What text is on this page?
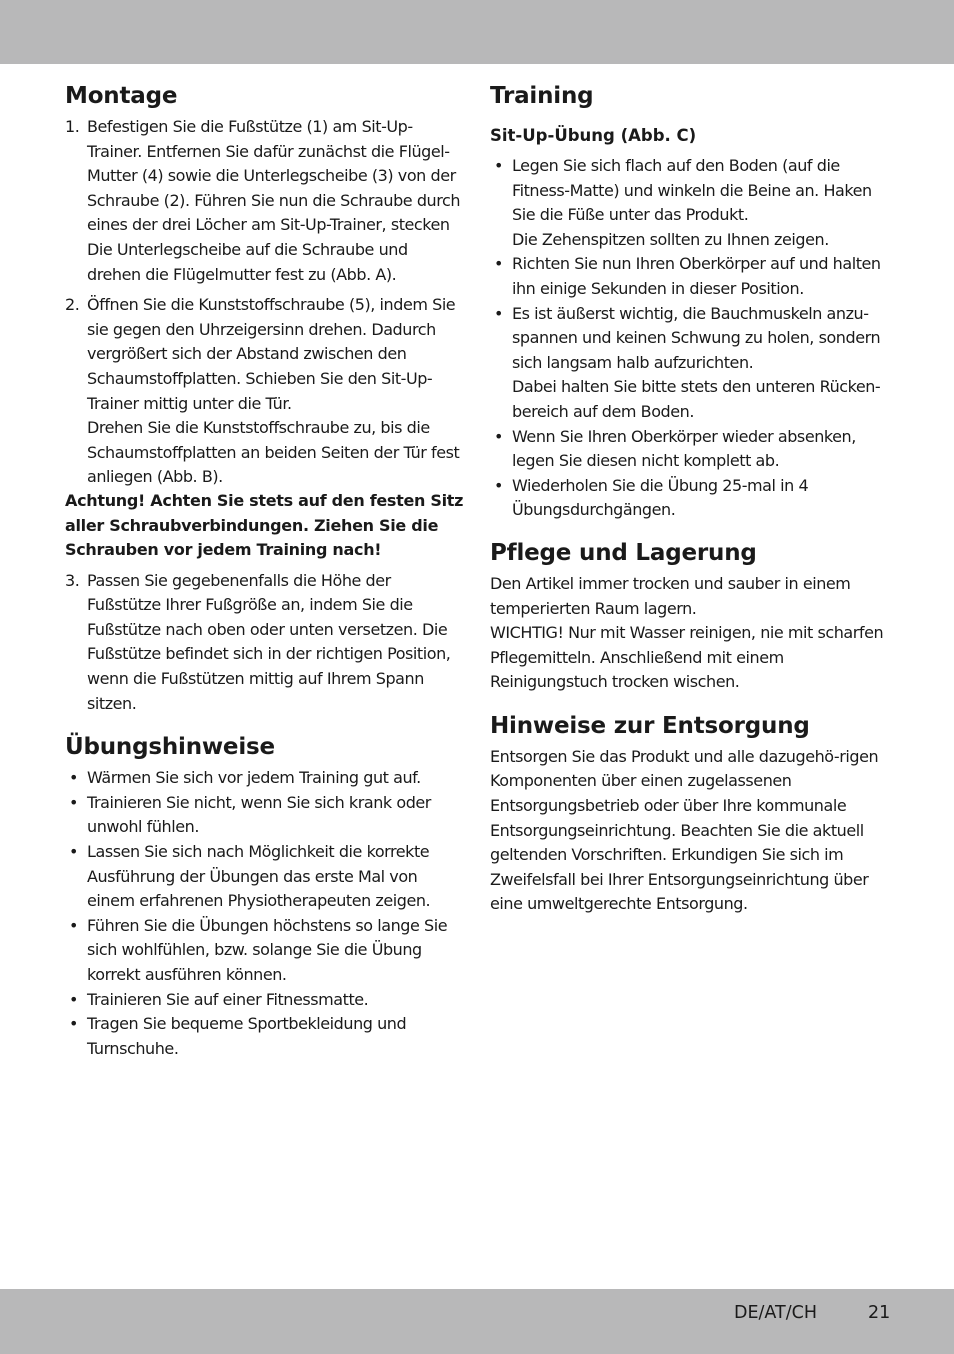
Montage
1. Befestigen Sie die Fußstütze (1) am Sit-Up-Trainer. Entfernen Sie dafür zunächst die Flügel-Mutter (4) sowie die Unterlegscheibe (3) von der Schraube (2). Führen Sie nun die Schraube durch eines der drei Löcher am Sit-Up-Trainer, stecken Die Unterlegscheibe auf die Schraube und drehen die Flügelmutter fest zu (Abb. A).
2. Öffnen Sie die Kunststoffschraube (5), indem Sie sie gegen den Uhrzeigersinn drehen. Dadurch vergrößert sich der Abstand zwischen den Schaumstoffplatten. Schieben Sie den Sit-Up-Trainer mittig unter die Tür.
Drehen Sie die Kunststoffschraube zu, bis die Schaumstoffplatten an beiden Seiten der Tür fest anliegen (Abb. B).

Achtung! Achten Sie stets auf den festen Sitz aller Schraubverbindungen. Ziehen Sie die Schrauben vor jedem Training nach!

3. Passen Sie gegebenenfalls die Höhe der Fußstütze Ihrer Fußgröße an, indem Sie die Fußstütze nach oben oder unten versetzen. Die Fußstütze befindet sich in der richtigen Position, wenn die Fußstützen mittig auf Ihrem Spann sitzen.
Übungshinweise
• Wärmen Sie sich vor jedem Training gut auf.
• Trainieren Sie nicht, wenn Sie sich krank oder unwohl fühlen.
• Lassen Sie sich nach Möglichkeit die korrekte Ausführung der Übungen das erste Mal von einem erfahrenen Physiotherapeuten zeigen.
• Führen Sie die Übungen höchstens so lange Sie sich wohlfühlen, bzw. solange Sie die Übung korrekt ausführen können.
• Trainieren Sie auf einer Fitnessmatte.
• Tragen Sie bequeme Sportbekleidung und Turnschuhe.
Training
Sit-Up-Übung (Abb. C)
• Legen Sie sich flach auf den Boden (auf die Fitness-Matte) und winkeln die Beine an. Haken Sie die Füße unter das Produkt.
Die Zehenspitzen sollten zu Ihnen zeigen.
• Richten Sie nun Ihren Oberkörper auf und halten ihn einige Sekunden in dieser Position.
• Es ist äußerst wichtig, die Bauchmuskeln anzu-spannen und keinen Schwung zu holen, sondern sich langsam halb aufzurichten.
Dabei halten Sie bitte stets den unteren Rücken-bereich auf dem Boden.
• Wenn Sie Ihren Oberkörper wieder absenken, legen Sie diesen nicht komplett ab.
• Wiederholen Sie die Übung 25-mal in 4 Übungsdurchgängen.
Pflege und Lagerung

Den Artikel immer trocken und sauber in einem temperierten Raum lagern.

WICHTIG! Nur mit Wasser reinigen, nie mit scharfen Pflegemitteln. Anschließend mit einem Reinigungstuch trocken wischen.

Hinweise zur Entsorgung

Entsorgen Sie das Produkt und alle dazugehö-rigen Komponenten über einen zugelassenen Entsorgungsbetrieb oder über Ihre kommunale Entsorgungseinrichtung. Beachten Sie die aktuell geltenden Vorschriften. Erkundigen Sie sich im Zweifelsfall bei Ihrer Entsorgungseinrichtung über eine umweltgerechte Entsorgung.

DE/AT/CH	21
